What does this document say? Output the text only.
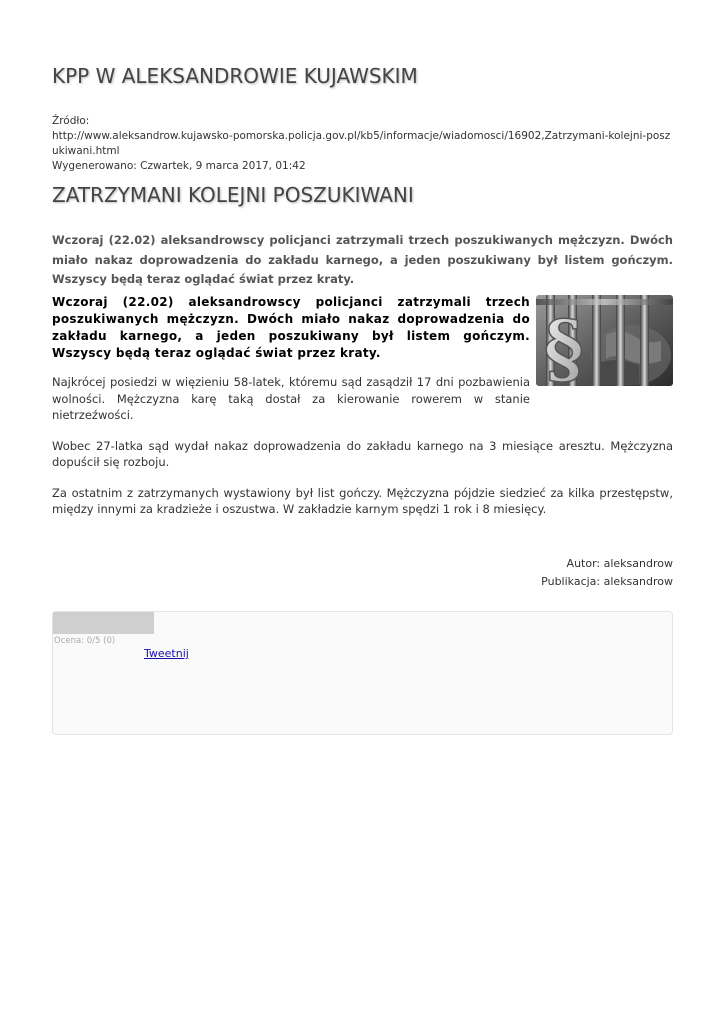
KPP W ALEKSANDROWIE KUJAWSKIM
Źródło:
http://www.aleksandrow.kujawsko-pomorska.policja.gov.pl/kb5/informacje/wiadomosci/16902,Zatrzymani-kolejni-poszukiwani.html
Wygenerowano: Czwartek, 9 marca 2017, 01:42
ZATRZYMANI KOLEJNI POSZUKIWANI
Wczoraj (22.02) aleksandrowscy policjanci zatrzymali trzech poszukiwanych mężczyzn. Dwóch miało nakaz doprowadzenia do zakładu karnego, a jeden poszukiwany był listem gończym. Wszyscy będą teraz oglądać świat przez kraty.
§

Wczoraj (22.02) aleksandrowscy policjanci zatrzymali trzech poszukiwanych mężczyzn. Dwóch miało nakaz doprowadzenia do zakładu karnego, a jeden poszukiwany był listem gończym. Wszyscy będą teraz oglądać świat przez kraty.

Najkrócej posiedzi w więzieniu 58-latek, któremu sąd zasądził 17 dni pozbawienia wolności. Mężczyzna karę taką dostał za kierowanie rowerem w stanie nietrzeźwości.

Wobec 27-latka sąd wydał nakaz doprowadzenia do zakładu karnego na 3 miesiące aresztu. Mężczyzna dopuścił się rozboju.

Za ostatnim z zatrzymanych wystawiony był list gończy. Mężczyzna pójdzie siedzieć za kilka przestępstw, między innymi za kradzieże i oszustwa. W zakładzie karnym spędzi 1 rok i 8 miesięcy.

Autor: aleksandrow
Publikacja: aleksandrow
Ocena: 0/5 (0)
Tweetnij
